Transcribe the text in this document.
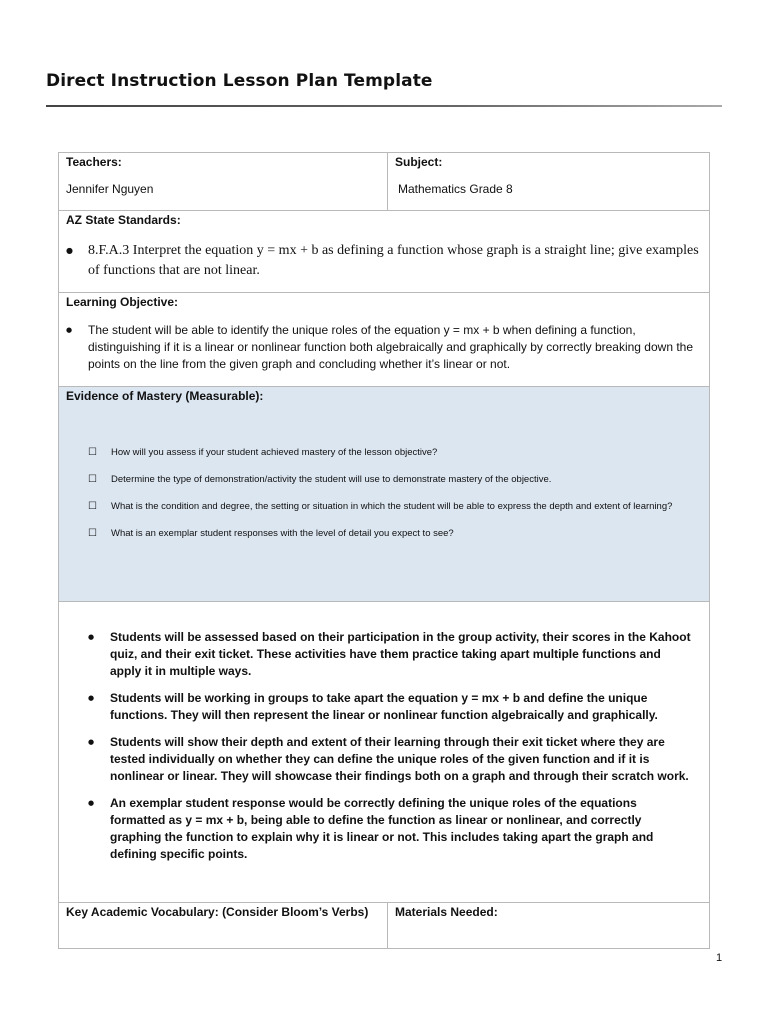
Direct Instruction Lesson Plan Template
Teachers:
Jennifer Nguyen
Subject:
Mathematics Grade 8
AZ State Standards:
● 8.F.A.3 Interpret the equation y = mx + b as defining a function whose graph is a straight line; give examples of functions that are not linear.
Learning Objective:
● The student will be able to identify the unique roles of the equation y = mx + b when defining a function, distinguishing if it is a linear or nonlinear function both algebraically and graphically by correctly breaking down the points on the line from the given graph and concluding whether it’s linear or not.
Evidence of Mastery (Measurable):
☐ How will you assess if your student achieved mastery of the lesson objective?
☐ Determine the type of demonstration/activity the student will use to demonstrate mastery of the objective.
☐ What is the condition and degree, the setting or situation in which the student will be able to express the depth and extent of learning?
☐ What is an exemplar student responses with the level of detail you expect to see?
● Students will be assessed based on their participation in the group activity, their scores in the Kahoot quiz, and their exit ticket. These activities have them practice taking apart multiple functions and apply it in multiple ways.
● Students will be working in groups to take apart the equation y = mx + b and define the unique functions. They will then represent the linear or nonlinear function algebraically and graphically.
● Students will show their depth and extent of their learning through their exit ticket where they are tested individually on whether they can define the unique roles of the given function and if it is nonlinear or linear. They will showcase their findings both on a graph and through their scratch work.
● An exemplar student response would be correctly defining the unique roles of the equations formatted as y = mx + b, being able to define the function as linear or nonlinear, and correctly graphing the function to explain why it is linear or not. This includes taking apart the graph and defining specific points.
Key Academic Vocabulary: (Consider Bloom’s Verbs)	Materials Needed:
1
